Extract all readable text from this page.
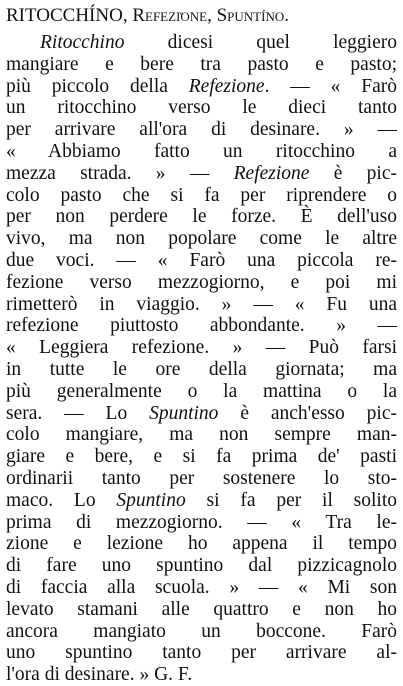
RITOCCHÍNO, Refeziόne, Spuntíno.
Ritocchino dicesi quel leggiero
mangiare e bere tra pasto e pasto;
più piccolo della Refezione. — « Farò
un ritocchino verso le dieci tanto
per arrivare all'ora di desinare. » —
« Abbiamo fatto un ritocchino a
mezza strada. » — Refezione è pic-
colo pasto che si fa per riprendere o
per non perdere le forze. È dell'uso
vivo, ma non popolare come le altre
due voci. — « Farò una piccola re-
fezione verso mezzogiorno, e poi mi
rimetterò in viaggio. » — « Fu una
refezione piuttosto abbondante. » —
« Leggiera refezione. » — Può farsi
in tutte le ore della giornata; ma
più generalmente o la mattina o la
sera. — Lo Spuntino è anch'esso pic-
colo mangiare, ma non sempre man-
giare e bere, e si fa prima de' pasti
ordinarii tanto per sostenere lo sto-
maco. Lo Spuntino si fa per il solito
prima di mezzogiorno. — « Tra le-
zione e lezione ho appena il tempo
di fare uno spuntino dal pizzicagnolo
di faccia alla scuola. » — « Mi son
levato stamani alle quattro e non ho
ancora mangiato un boccone. Farò
uno spuntino tanto per arrivare al-
l'ora di desinare. » G. F.
